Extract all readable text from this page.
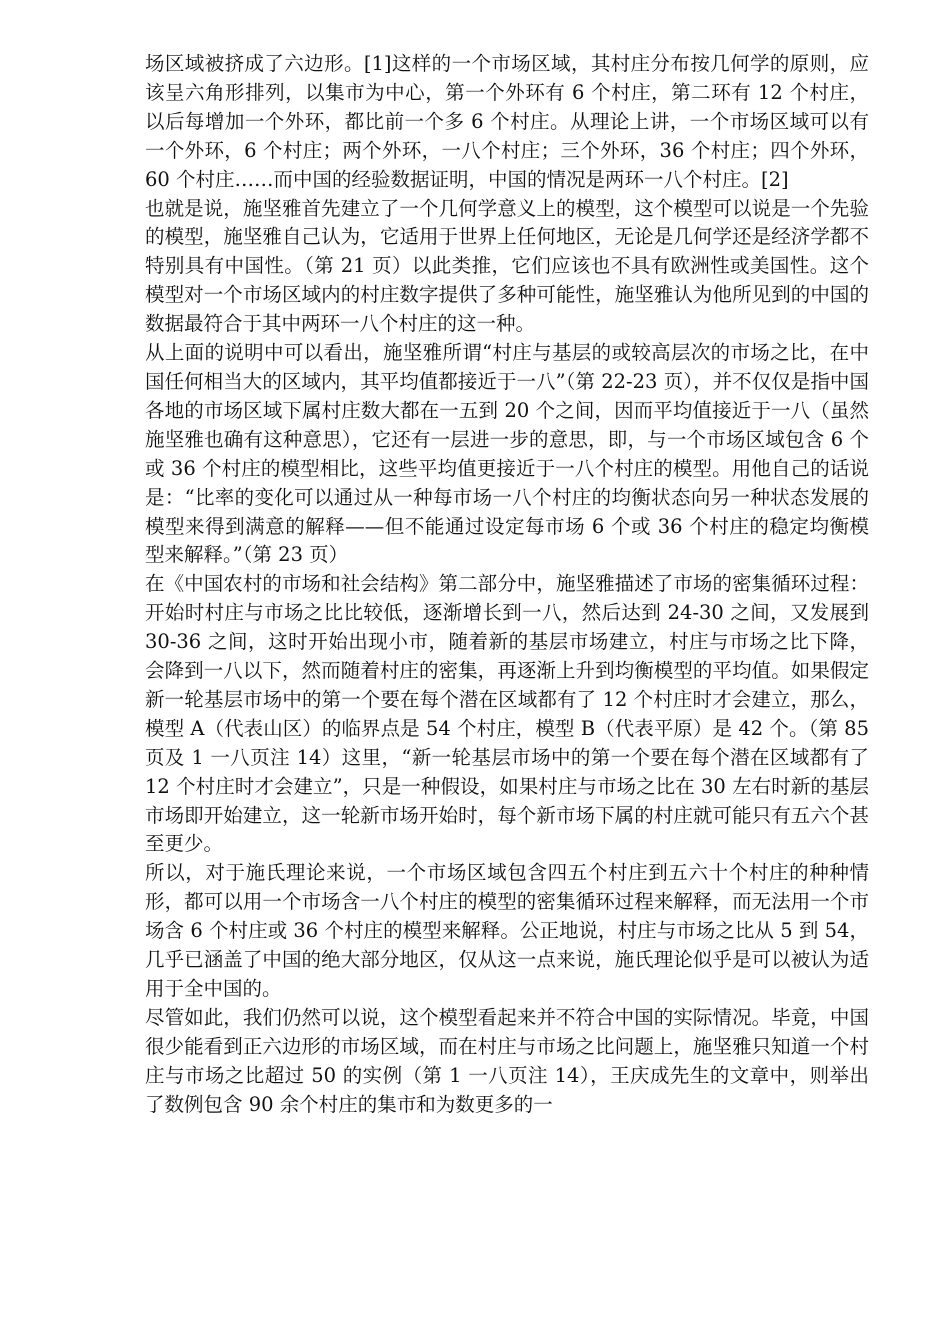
场区域被挤成了六边形。[1]这样的一个市场区域，其村庄分布按几何学的原则，应该呈六角形排列，以集市为中心，第一个外环有 6 个村庄，第二环有 12 个村庄，以后每增加一个外环，都比前一个多 6 个村庄。从理论上讲，一个市场区域可以有一个外环，6 个村庄；两个外环，一八个村庄；三个外环，36 个村庄；四个外环，60 个村庄……而中国的经验数据证明，中国的情况是两环一八个村庄。[2]

也就是说，施坚雅首先建立了一个几何学意义上的模型，这个模型可以说是一个先验的模型，施坚雅自己认为，它适用于世界上任何地区，无论是几何学还是经济学都不特别具有中国性。（第 21 页）以此类推，它们应该也不具有欧洲性或美国性。这个模型对一个市场区域内的村庄数字提供了多种可能性，施坚雅认为他所见到的中国的数据最符合于其中两环一八个村庄的这一种。

从上面的说明中可以看出，施坚雅所谓“村庄与基层的或较高层次的市场之比，在中国任何相当大的区域内，其平均值都接近于一八”（第 22-23 页），并不仅仅是指中国各地的市场区域下属村庄数大都在一五到 20 个之间，因而平均值接近于一八（虽然施坚雅也确有这种意思），它还有一层进一步的意思，即，与一个市场区域包含 6 个或 36 个村庄的模型相比，这些平均值更接近于一八个村庄的模型。用他自己的话说是：“比率的变化可以通过从一种每市场一八个村庄的均衡状态向另一种状态发展的模型来得到满意的解释——但不能通过设定每市场 6 个或 36 个村庄的稳定均衡模型来解释。”（第 23 页）

在《中国农村的市场和社会结构》第二部分中，施坚雅描述了市场的密集循环过程：开始时村庄与市场之比比较低，逐渐增长到一八，然后达到 24-30 之间，又发展到 30-36 之间，这时开始出现小市，随着新的基层市场建立，村庄与市场之比下降，会降到一八以下，然而随着村庄的密集，再逐渐上升到均衡模型的平均值。如果假定新一轮基层市场中的第一个要在每个潜在区域都有了 12 个村庄时才会建立，那么，模型 A（代表山区）的临界点是 54 个村庄，模型 B（代表平原）是 42 个。（第 85 页及 1 一八页注 14）这里，“新一轮基层市场中的第一个要在每个潜在区域都有了 12 个村庄时才会建立”，只是一种假设，如果村庄与市场之比在 30 左右时新的基层市场即开始建立，这一轮新市场开始时，每个新市场下属的村庄就可能只有五六个甚至更少。

所以，对于施氏理论来说，一个市场区域包含四五个村庄到五六十个村庄的种种情形，都可以用一个市场含一八个村庄的模型的密集循环过程来解释，而无法用一个市场含 6 个村庄或 36 个村庄的模型来解释。公正地说，村庄与市场之比从 5 到 54，几乎已涵盖了中国的绝大部分地区，仅从这一点来说，施氏理论似乎是可以被认为适用于全中国的。

尽管如此，我们仍然可以说，这个模型看起来并不符合中国的实际情况。毕竟，中国很少能看到正六边形的市场区域，而在村庄与市场之比问题上，施坚雅只知道一个村庄与市场之比超过 50 的实例（第 1 一八页注 14），王庆成先生的文章中，则举出了数例包含 90 余个村庄的集市和为数更多的一
